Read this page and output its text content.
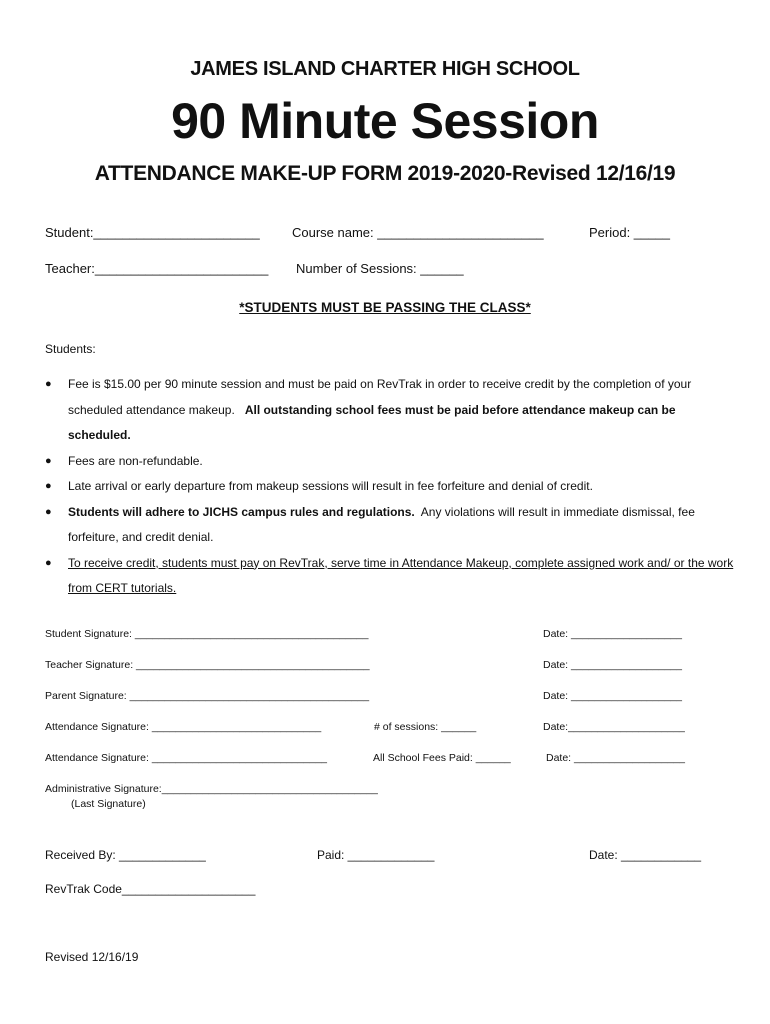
JAMES ISLAND CHARTER HIGH SCHOOL
90 Minute Session
ATTENDANCE MAKE-UP FORM 2019-2020-Revised 12/16/19
Student:_______________________ Course name: _______________________	Period: _____
Teacher:________________________ Number of Sessions: ______
*STUDENTS MUST BE PASSING THE CLASS*
Students:
● Fee is $15.00 per 90 minute session and must be paid on RevTrak in order to receive credit by the completion of your scheduled attendance makeup. All outstanding school fees must be paid before attendance makeup can be scheduled.
● Fees are non-refundable.
● Late arrival or early departure from makeup sessions will result in fee forfeiture and denial of credit.
● Students will adhere to JICHS campus rules and regulations. Any violations will result in immediate dismissal, fee forfeiture, and credit denial.
● To receive credit, students must pay on RevTrak, serve time in Attendance Makeup, complete assigned work and/ or the work from CERT tutorials.
Student Signature: ________________________________________	Date: ___________________
Teacher Signature: ________________________________________	Date: ___________________
Parent Signature: _________________________________________	Date: ___________________
Attendance Signature: _____________________________	# of sessions: ______	Date:____________________
Attendance Signature: ______________________________	All School Fees Paid: ______	Date: ___________________
Administrative Signature:_____________________________________
(Last Signature)
Received By: _____________	Paid: _____________	Date: ____________
RevTrak Code____________________
Revised 12/16/19
